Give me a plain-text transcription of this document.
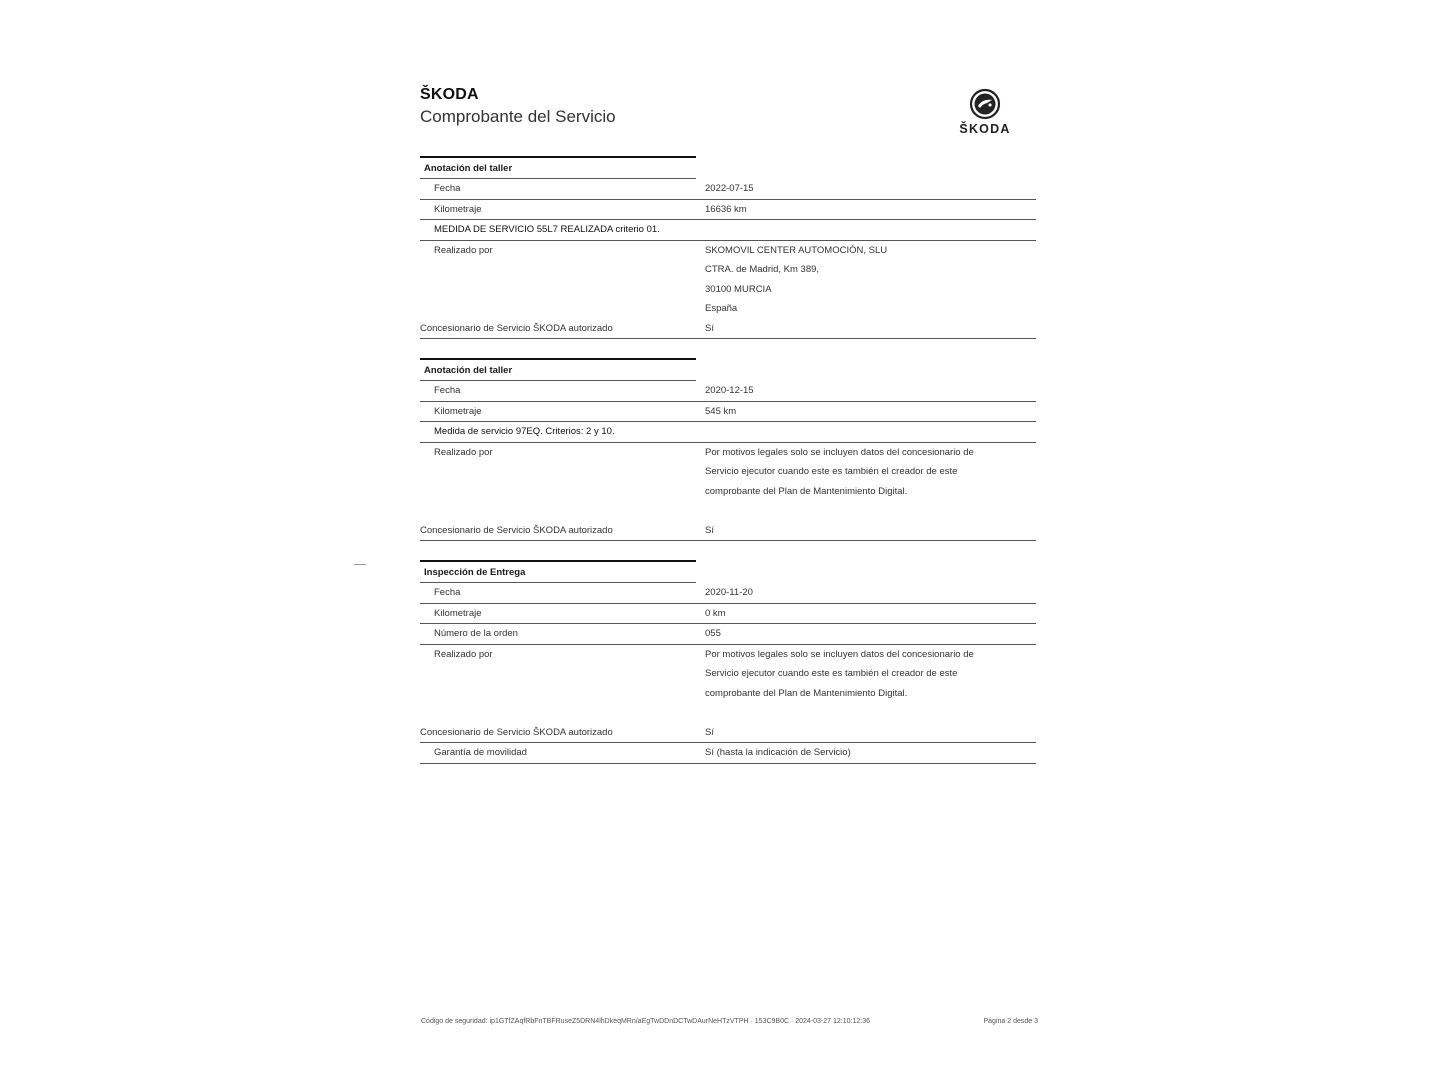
ŠKODA
Comprobante del Servicio
ŠKODA
Anotación del taller
Fecha	2022-07-15
Kilometraje	16636 km
MEDIDA DE SERVICIO 55L7 REALIZADA criterio 01.
Realizado por	SKOMOVIL CENTER AUTOMOCIÓN, SLU
CTRA. de Madrid, Km 389,
30100 MURCIA
España
Concesionario de Servicio ŠKODA autorizado	Sí
Anotación del taller
Fecha	2020-12-15
Kilometraje	545 km
Medida de servicio 97EQ. Criterios: 2 y 10.
Realizado por	Por motivos legales solo se incluyen datos del concesionario de
Servicio ejecutor cuando este es también el creador de este
comprobante del Plan de Mantenimiento Digital.
Concesionario de Servicio ŠKODA autorizado	Sí
Inspección de Entrega
Fecha	2020-11-20
Kilometraje	0 km
Número de la orden	055
Realizado por	Por motivos legales solo se incluyen datos del concesionario de
Servicio ejecutor cuando este es también el creador de este
comprobante del Plan de Mantenimiento Digital.
Concesionario de Servicio ŠKODA autorizado	Sí
Garantía de movilidad	Sí (hasta la indicación de Servicio)
Código de seguridad: ip1GTfZAqfRbFnTBFRuseZ5DRN4lhDkeqMRn/aEgTwDDnDCTwDAurNeHTzVTPH · 153C9B0C · 2024-03-27 12:10:12:36	Página 2 desde 3
